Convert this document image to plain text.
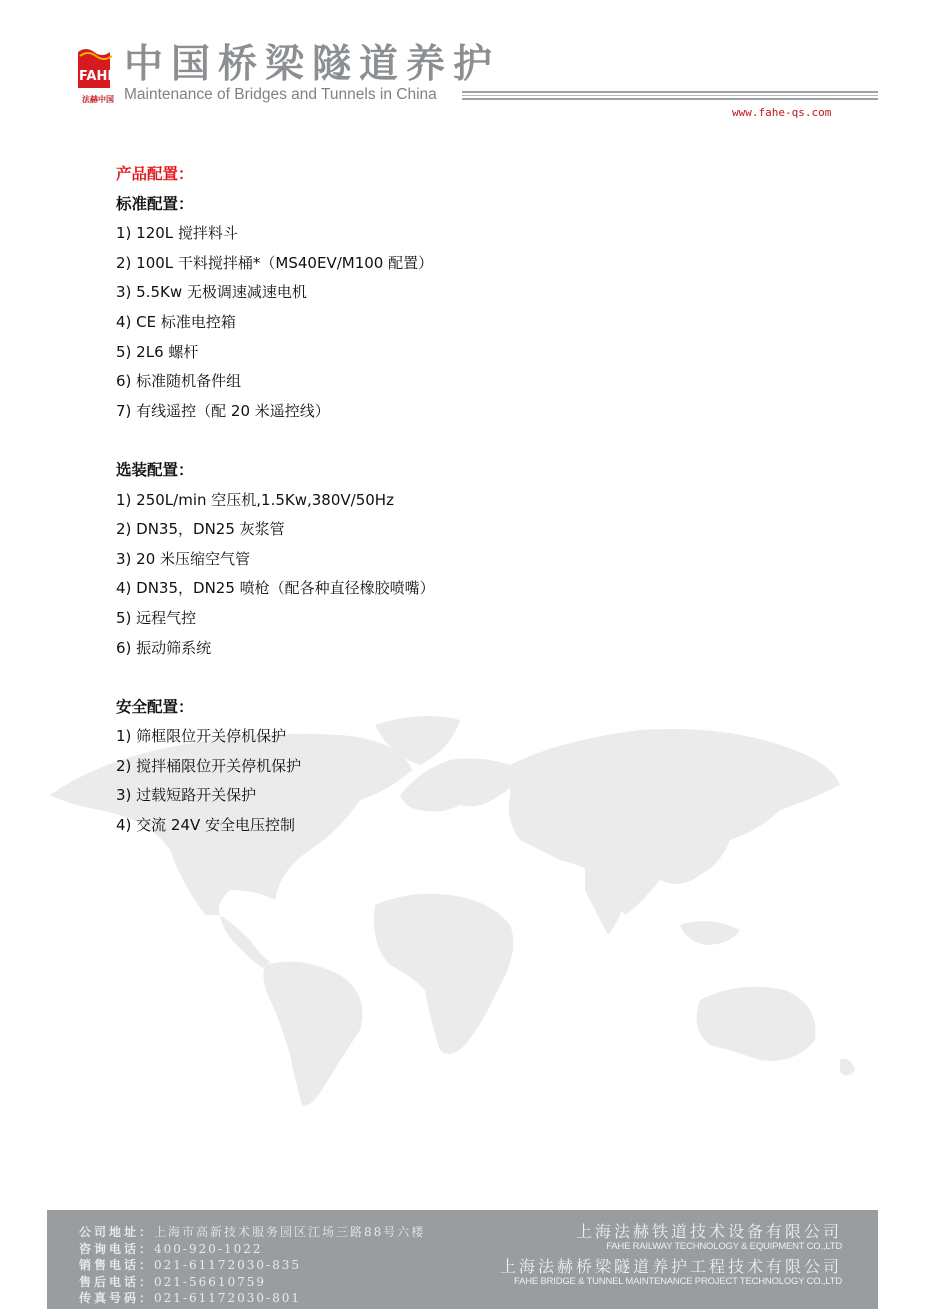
FAHE
法赫中国
中国桥梁隧道养护
Maintenance of Bridges and Tunnels in China
www.fahe-qs.com
产品配置：
标准配置：
1) 120L 搅拌料斗
2) 100L 干料搅拌桶*（MS40EV/M100 配置）
3) 5.5Kw 无极调速减速电机
4) CE 标准电控箱
5) 2L6 螺杆
6) 标准随机备件组
7) 有线遥控（配 20 米遥控线）
选装配置：
1) 250L/min 空压机,1.5Kw,380V/50Hz
2) DN35，DN25 灰浆管
3) 20 米压缩空气管
4) DN35，DN25 喷枪（配各种直径橡胶喷嘴）
5) 远程气控
6) 振动筛系统
安全配置：
1) 筛框限位开关停机保护
2) 搅拌桶限位开关停机保护
3) 过载短路开关保护
4) 交流 24V 安全电压控制
公司地址：上海市高新技术服务园区江场三路88号六楼
咨询电话：400-920-1022
销售电话：021-61172030-835
售后电话：021-56610759
传真号码：021-61172030-801
上海法赫铁道技术设备有限公司
FAHE RAILWAY TECHNOLOGY & EQUIPMENT CO.,LTD
上海法赫桥梁隧道养护工程技术有限公司
FAHE BRIDGE & TUNNEL MAINTENANCE PROJECT TECHNOLOGY CO.,LTD
